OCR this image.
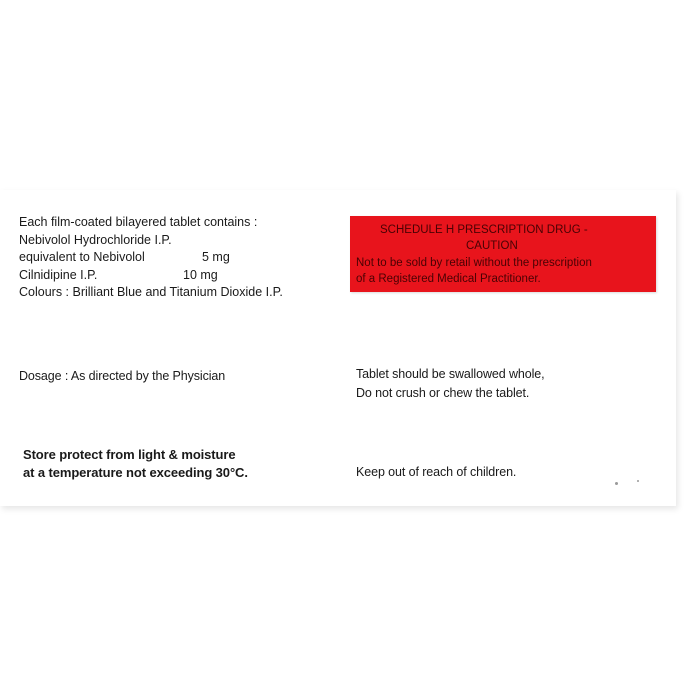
Each film-coated bilayered tablet contains :
Nebivolol Hydrochloride I.P.
equivalent to Nebivolol	5 mg
Cilnidipine I.P.	10 mg
Colours : Brilliant Blue and Titanium Dioxide I.P.
SCHEDULE H PRESCRIPTION DRUG -
CAUTION
Not to be sold by retail without the prescription
of a Registered Medical Practitioner.
Dosage : As directed by the Physician	Tablet should be swallowed whole,
Do not crush or chew the tablet.
Store protect from light & moisture
at a temperature not exceeding 30°C.	Keep out of reach of children.
